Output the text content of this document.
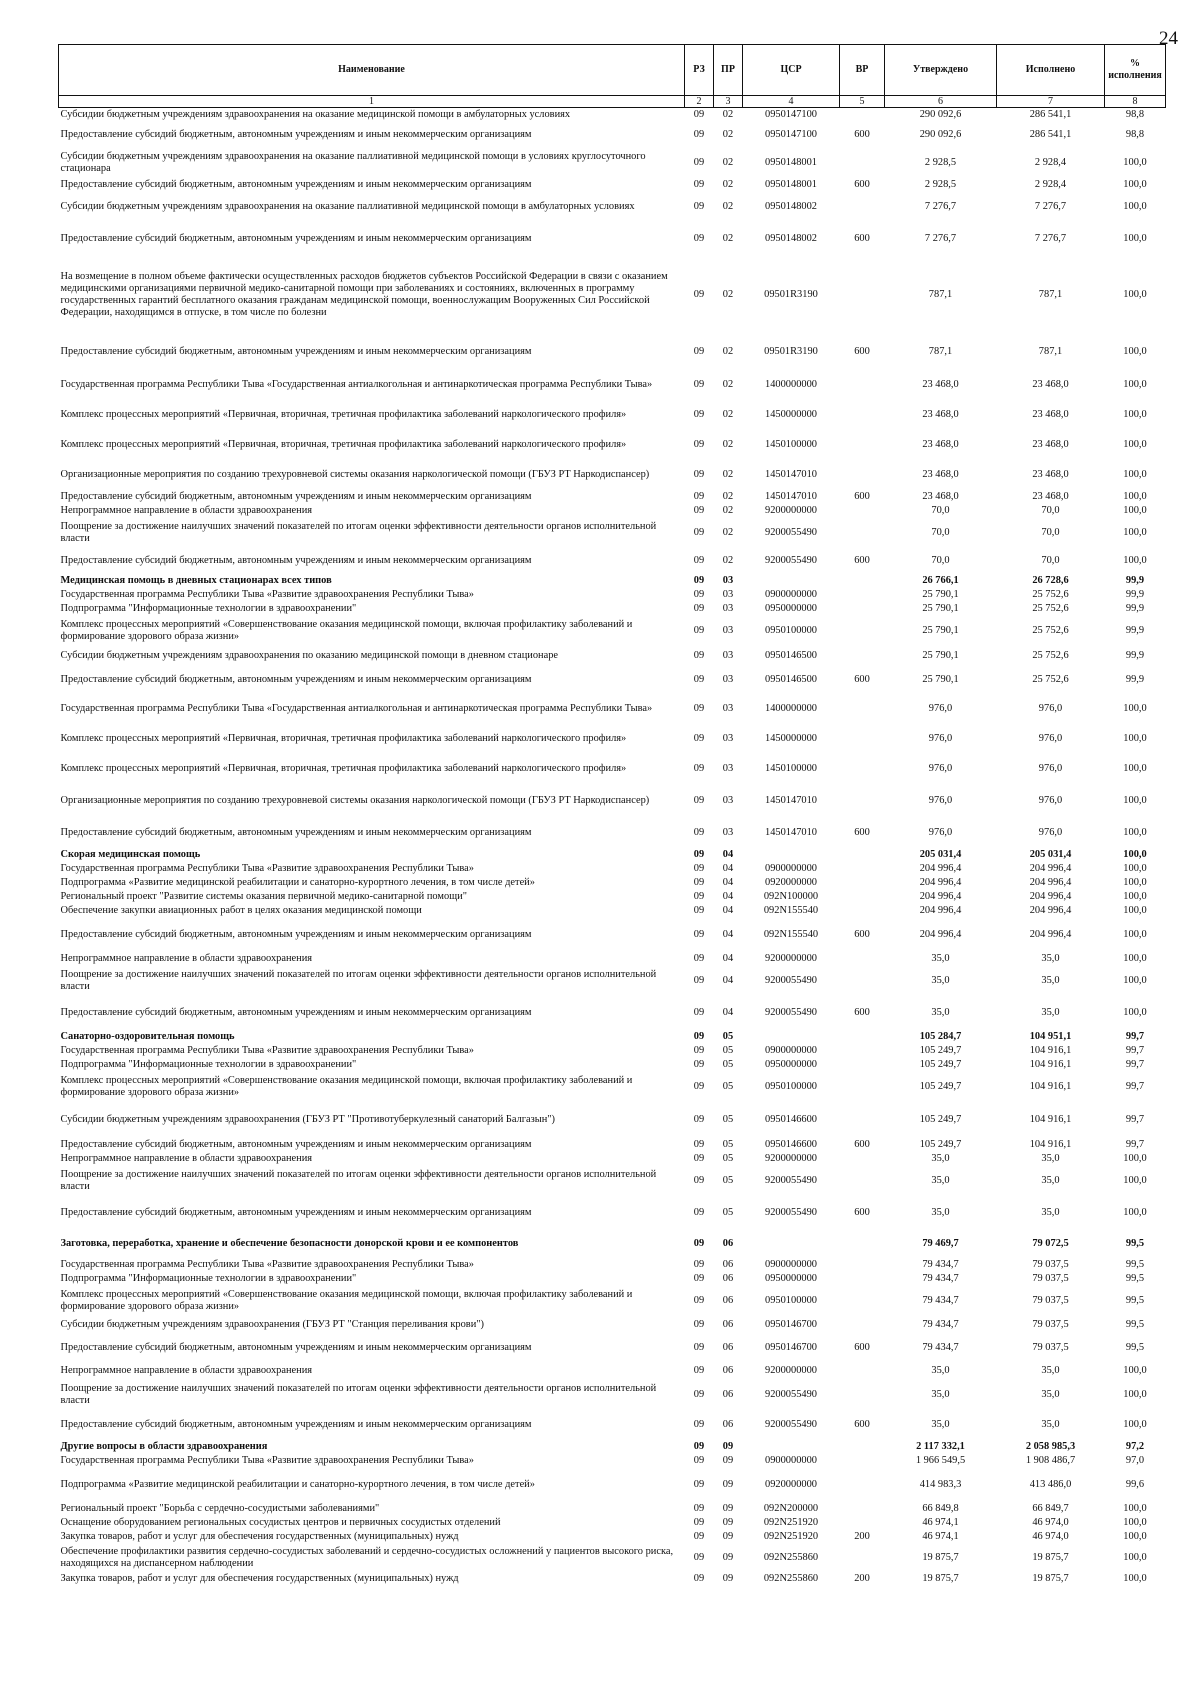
24
Наименование	РЗ	ПР	ЦСР	ВР	Утверждено	Исполнено	% исполнения
1	2	3	4	5	6	7	8
Субсидии бюджетным учреждениям здравоохранения на оказание медицинской помощи в амбулаторных условиях	09	02	0950147100		290 092,6	286 541,1	98,8
Предоставление субсидий бюджетным, автономным учреждениям и иным некоммерческим организациям	09	02	0950147100	600	290 092,6	286 541,1	98,8
Субсидии бюджетным учреждениям здравоохранения на оказание паллиативной медицинской помощи в условиях круглосуточного стационара	09	02	0950148001		2 928,5	2 928,4	100,0
Предоставление субсидий бюджетным, автономным учреждениям и иным некоммерческим организациям	09	02	0950148001	600	2 928,5	2 928,4	100,0
Субсидии бюджетным учреждениям здравоохранения на оказание паллиативной медицинской помощи в амбулаторных условиях	09	02	0950148002		7 276,7	7 276,7	100,0
Предоставление субсидий бюджетным, автономным учреждениям и иным некоммерческим организациям	09	02	0950148002	600	7 276,7	7 276,7	100,0
На возмещение в полном объеме фактически осуществленных расходов бюджетов субъектов Российской Федерации в связи с оказанием медицинскими организациями первичной медико-санитарной помощи при заболеваниях и состояниях, включенных в программу государственных гарантий бесплатного оказания гражданам медицинской помощи, военнослужащим Вооруженных Сил Российской Федерации, находящимся в отпуске, в том числе по болезни	09	02	09501R3190		787,1	787,1	100,0
Предоставление субсидий бюджетным, автономным учреждениям и иным некоммерческим организациям	09	02	09501R3190	600	787,1	787,1	100,0
Государственная программа Республики Тыва «Государственная антиалкогольная и антинаркотическая программа Республики Тыва»	09	02	1400000000		23 468,0	23 468,0	100,0
Комплекс процессных мероприятий «Первичная, вторичная, третичная профилактика заболеваний наркологического профиля»	09	02	1450000000		23 468,0	23 468,0	100,0
Комплекс процессных мероприятий «Первичная, вторичная, третичная профилактика заболеваний наркологического профиля»	09	02	1450100000		23 468,0	23 468,0	100,0
Организационные мероприятия по созданию трехуровневой системы оказания наркологической помощи (ГБУЗ РТ Наркодиспансер)	09	02	1450147010		23 468,0	23 468,0	100,0
Предоставление субсидий бюджетным, автономным учреждениям и иным некоммерческим организациям	09	02	1450147010	600	23 468,0	23 468,0	100,0
Непрограммное направление в области здравоохранения	09	02	9200000000		70,0	70,0	100,0
Поощрение за достижение наилучших значений показателей по итогам оценки эффективности деятельности органов исполнительной власти	09	02	9200055490		70,0	70,0	100,0
Предоставление субсидий бюджетным, автономным учреждениям и иным некоммерческим организациям	09	02	9200055490	600	70,0	70,0	100,0
Медицинская помощь в дневных стационарах всех типов	09	03			26 766,1	26 728,6	99,9
Государственная программа Республики Тыва «Развитие здравоохранения Республики Тыва»	09	03	0900000000		25 790,1	25 752,6	99,9
Подпрограмма "Информационные технологии в здравоохранении"	09	03	0950000000		25 790,1	25 752,6	99,9
Комплекс процессных мероприятий «Совершенствование оказания медицинской помощи, включая профилактику заболеваний и формирование здорового образа жизни»	09	03	0950100000		25 790,1	25 752,6	99,9
Субсидии бюджетным учреждениям здравоохранения по оказанию медицинской помощи в дневном стационаре	09	03	0950146500		25 790,1	25 752,6	99,9
Предоставление субсидий бюджетным, автономным учреждениям и иным некоммерческим организациям	09	03	0950146500	600	25 790,1	25 752,6	99,9
Государственная программа Республики Тыва «Государственная антиалкогольная и антинаркотическая программа Республики Тыва»	09	03	1400000000		976,0	976,0	100,0
Комплекс процессных мероприятий «Первичная, вторичная, третичная профилактика заболеваний наркологического профиля»	09	03	1450000000		976,0	976,0	100,0
Комплекс процессных мероприятий «Первичная, вторичная, третичная профилактика заболеваний наркологического профиля»	09	03	1450100000		976,0	976,0	100,0
Организационные мероприятия по созданию трехуровневой системы оказания наркологической помощи (ГБУЗ РТ Наркодиспансер)	09	03	1450147010		976,0	976,0	100,0
Предоставление субсидий бюджетным, автономным учреждениям и иным некоммерческим организациям	09	03	1450147010	600	976,0	976,0	100,0
Скорая медицинская помощь	09	04			205 031,4	205 031,4	100,0
Государственная программа Республики Тыва «Развитие здравоохранения Республики Тыва»	09	04	0900000000		204 996,4	204 996,4	100,0
Подпрограмма «Развитие медицинской реабилитации и санаторно-курортного лечения, в том числе детей»	09	04	0920000000		204 996,4	204 996,4	100,0
Региональный проект "Развитие системы оказания первичной медико-санитарной помощи"	09	04	092N100000		204 996,4	204 996,4	100,0
Обеспечение закупки авиационных работ в целях оказания медицинской помощи	09	04	092N155540		204 996,4	204 996,4	100,0
Предоставление субсидий бюджетным, автономным учреждениям и иным некоммерческим организациям	09	04	092N155540	600	204 996,4	204 996,4	100,0
Непрограммное направление в области здравоохранения	09	04	9200000000		35,0	35,0	100,0
Поощрение за достижение наилучших значений показателей по итогам оценки эффективности деятельности органов исполнительной власти	09	04	9200055490		35,0	35,0	100,0
Предоставление субсидий бюджетным, автономным учреждениям и иным некоммерческим организациям	09	04	9200055490	600	35,0	35,0	100,0
Санаторно-оздоровительная помощь	09	05			105 284,7	104 951,1	99,7
Государственная программа Республики Тыва «Развитие здравоохранения Республики Тыва»	09	05	0900000000		105 249,7	104 916,1	99,7
Подпрограмма "Информационные технологии в здравоохранении"	09	05	0950000000		105 249,7	104 916,1	99,7
Комплекс процессных мероприятий «Совершенствование оказания медицинской помощи, включая профилактику заболеваний и формирование здорового образа жизни»	09	05	0950100000		105 249,7	104 916,1	99,7
Субсидии бюджетным учреждениям здравоохранения (ГБУЗ РТ "Противотуберкулезный санаторий Балгазын")	09	05	0950146600		105 249,7	104 916,1	99,7
Предоставление субсидий бюджетным, автономным учреждениям и иным некоммерческим организациям	09	05	0950146600	600	105 249,7	104 916,1	99,7
Непрограммное направление в области здравоохранения	09	05	9200000000		35,0	35,0	100,0
Поощрение за достижение наилучших значений показателей по итогам оценки эффективности деятельности органов исполнительной власти	09	05	9200055490		35,0	35,0	100,0
Предоставление субсидий бюджетным, автономным учреждениям и иным некоммерческим организациям	09	05	9200055490	600	35,0	35,0	100,0
Заготовка, переработка, хранение и обеспечение безопасности донорской крови и ее компонентов	09	06			79 469,7	79 072,5	99,5
Государственная программа Республики Тыва «Развитие здравоохранения Республики Тыва»	09	06	0900000000		79 434,7	79 037,5	99,5
Подпрограмма "Информационные технологии в здравоохранении"	09	06	0950000000		79 434,7	79 037,5	99,5
Комплекс процессных мероприятий «Совершенствование оказания медицинской помощи, включая профилактику заболеваний и формирование здорового образа жизни»	09	06	0950100000		79 434,7	79 037,5	99,5
Субсидии бюджетным учреждениям здравоохранения (ГБУЗ РТ "Станция переливания крови")	09	06	0950146700		79 434,7	79 037,5	99,5
Предоставление субсидий бюджетным, автономным учреждениям и иным некоммерческим организациям	09	06	0950146700	600	79 434,7	79 037,5	99,5
Непрограммное направление в области здравоохранения	09	06	9200000000		35,0	35,0	100,0
Поощрение за достижение наилучших значений показателей по итогам оценки эффективности деятельности органов исполнительной власти	09	06	9200055490		35,0	35,0	100,0
Предоставление субсидий бюджетным, автономным учреждениям и иным некоммерческим организациям	09	06	9200055490	600	35,0	35,0	100,0
Другие вопросы в области здравоохранения	09	09			2 117 332,1	2 058 985,3	97,2
Государственная программа Республики Тыва «Развитие здравоохранения Республики Тыва»	09	09	0900000000		1 966 549,5	1 908 486,7	97,0
Подпрограмма «Развитие медицинской реабилитации и санаторно-курортного лечения, в том числе детей»	09	09	0920000000		414 983,3	413 486,0	99,6
Региональный проект "Борьба с сердечно-сосудистыми заболеваниями"	09	09	092N200000		66 849,8	66 849,7	100,0
Оснащение оборудованием региональных сосудистых центров и первичных сосудистых отделений	09	09	092N251920		46 974,1	46 974,0	100,0
Закупка товаров, работ и услуг для обеспечения государственных (муниципальных) нужд	09	09	092N251920	200	46 974,1	46 974,0	100,0
Обеспечение профилактики развития сердечно-сосудистых заболеваний и сердечно-сосудистых осложнений у пациентов высокого риска, находящихся на диспансерном наблюдении	09	09	092N255860		19 875,7	19 875,7	100,0
Закупка товаров, работ и услуг для обеспечения государственных (муниципальных) нужд	09	09	092N255860	200	19 875,7	19 875,7	100,0
